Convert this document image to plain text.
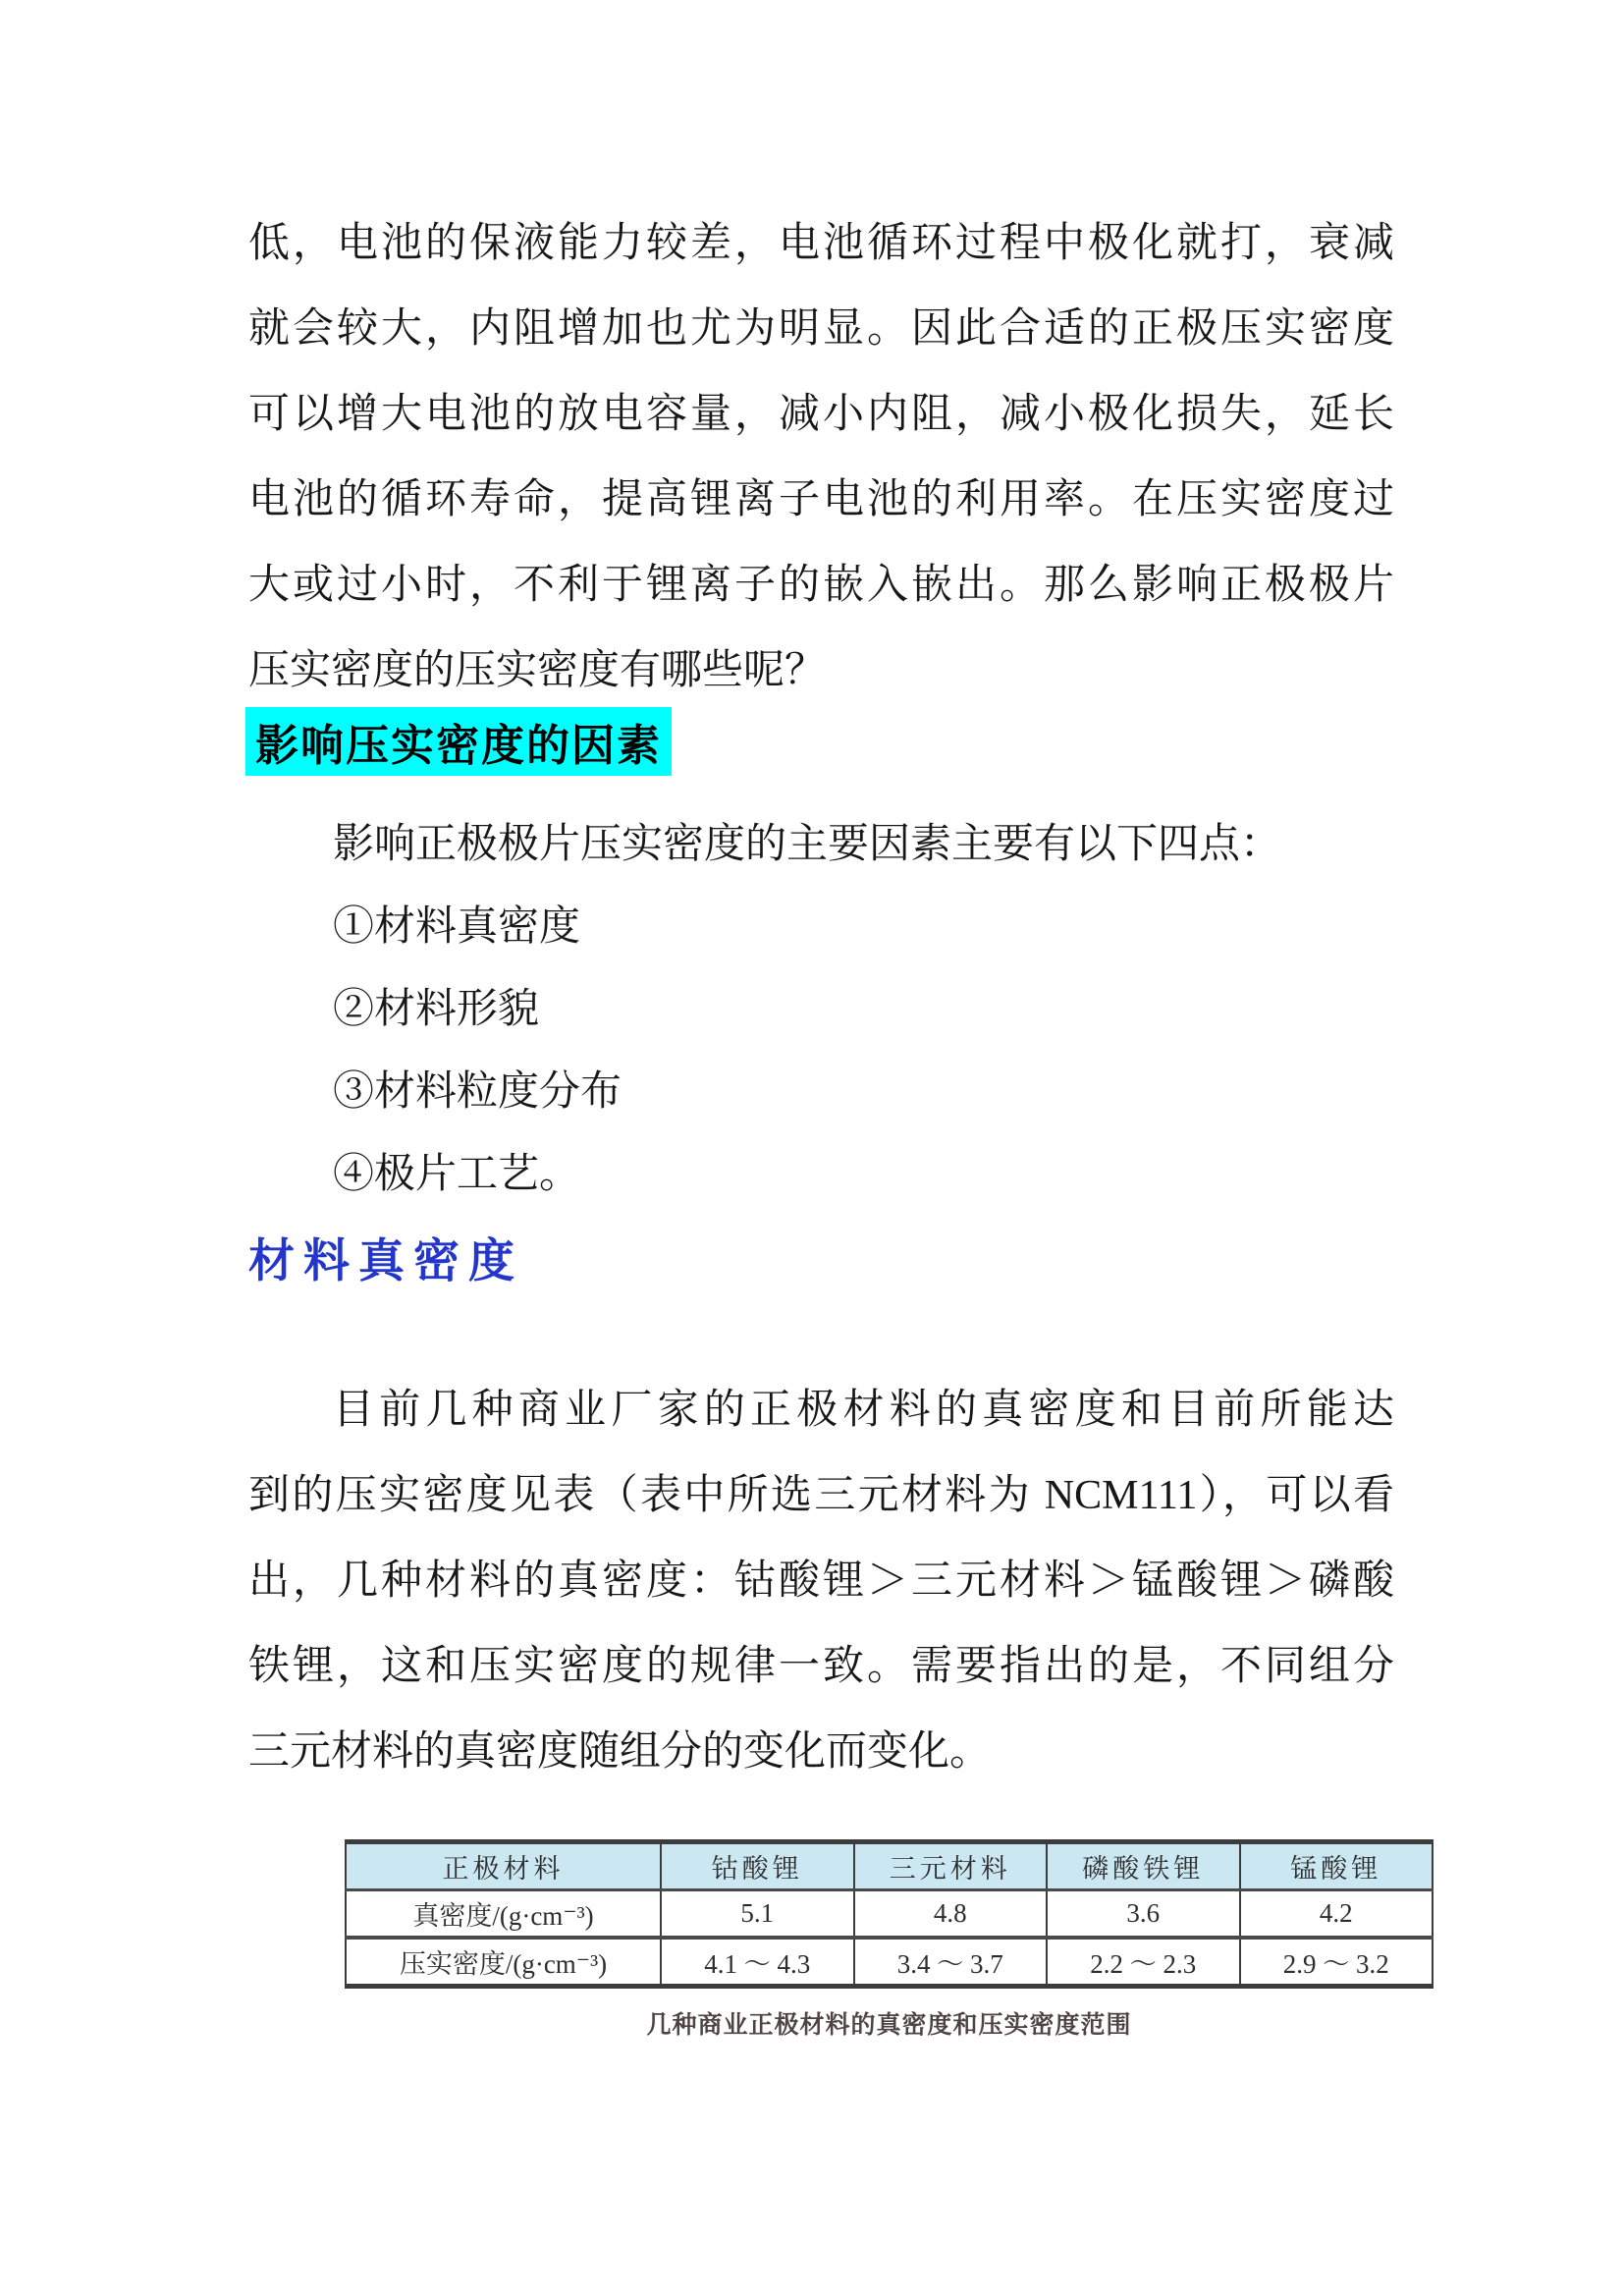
低，电池的保液能力较差，电池循环过程中极化就打，衰减
就会较大，内阻增加也尤为明显。因此合适的正极压实密度
可以增大电池的放电容量，减小内阻，减小极化损失，延长
电池的循环寿命，提高锂离子电池的利用率。在压实密度过
大或过小时，不利于锂离子的嵌入嵌出。那么影响正极极片
压实密度的压实密度有哪些呢？
影响压实密度的因素
影响正极极片压实密度的主要因素主要有以下四点：
①材料真密度
②材料形貌
③材料粒度分布
④极片工艺。
材料真密度
目前几种商业厂家的正极材料的真密度和目前所能达
到的压实密度见表（表中所选三元材料为 NCM111），可以看
出，几种材料的真密度：钴酸锂＞三元材料＞锰酸锂＞磷酸
铁锂，这和压实密度的规律一致。需要指出的是，不同组分
三元材料的真密度随组分的变化而变化。
正极材料	钴酸锂	三元材料	磷酸铁锂	锰酸锂
真密度/(g·cm⁻³)	5.1	4.8	3.6	4.2
压实密度/(g·cm⁻³)	4.1 ～ 4.3	3.4 ～ 3.7	2.2 ～ 2.3	2.9 ～ 3.2
几种商业正极材料的真密度和压实密度范围
